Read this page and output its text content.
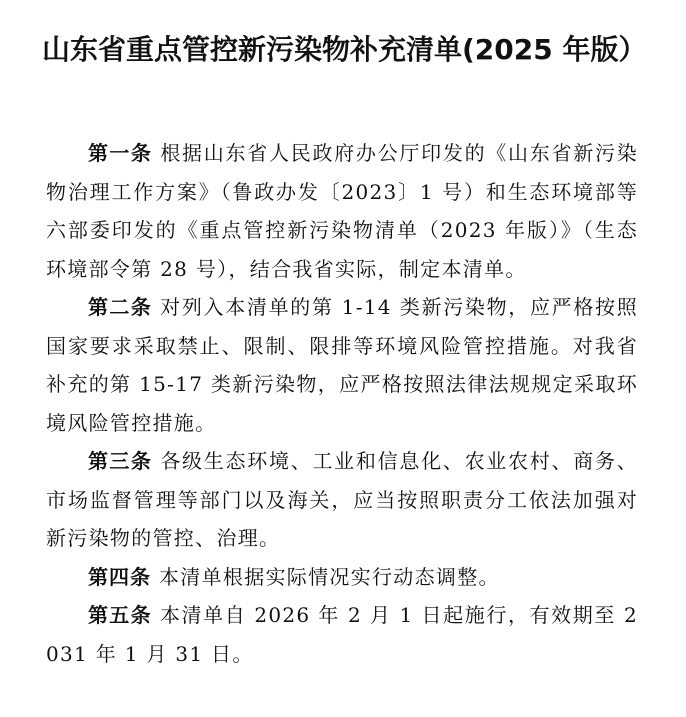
山东省重点管控新污染物补充清单(2025 年版）

第一条 根据山东省人民政府办公厅印发的《山东省新污染物治理工作方案》（鲁政办发〔2023〕1 号）和生态环境部等六部委印发的《重点管控新污染物清单（2023 年版）》（生态环境部令第 28 号），结合我省实际，制定本清单。

第二条 对列入本清单的第 1-14 类新污染物，应严格按照国家要求采取禁止、限制、限排等环境风险管控措施。对我省补充的第 15-17 类新污染物，应严格按照法律法规规定采取环境风险管控措施。

第三条 各级生态环境、工业和信息化、农业农村、商务、市场监督管理等部门以及海关，应当按照职责分工依法加强对新污染物的管控、治理。

第四条 本清单根据实际情况实行动态调整。

第五条 本清单自 2026 年 2 月 1 日起施行，有效期至 2031 年 1 月 31 日。
